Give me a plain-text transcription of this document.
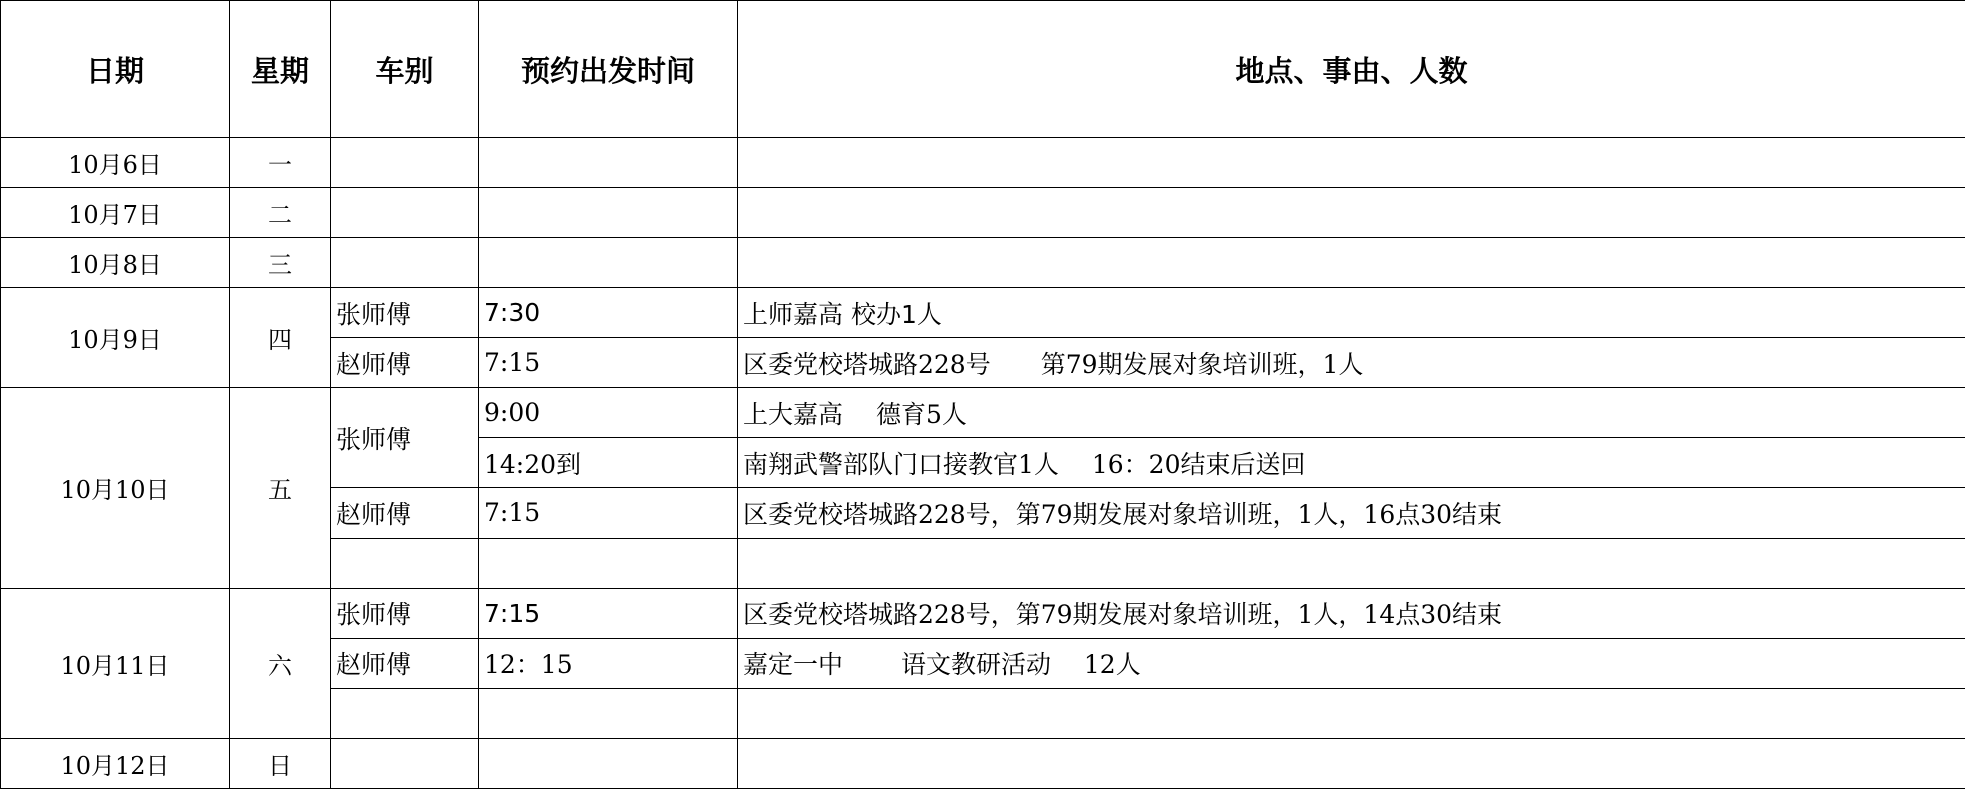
日期	星期	车别	预约出发时间	地点、事由、人数
10月6日	一			
10月7日	二			
10月8日	三			
10月9日	四	张师傅	7:30	上师嘉高 校办1人
		赵师傅	7:15	区委党校塔城路228号　　第79期发展对象培训班，1人
10月10日	五	张师傅	9:00	上大嘉高　 德育5人
			14:20到	南翔武警部队门口接教官1人　 16：20结束后送回
		赵师傅	7:15	区委党校塔城路228号，第79期发展对象培训班，1人，16点30结束

10月11日	六	张师傅	7:15	区委党校塔城路228号，第79期发展对象培训班，1人，14点30结束
		赵师傅	12：15	嘉定一中　　 语文教研活动　 12人

10月12日	日			
